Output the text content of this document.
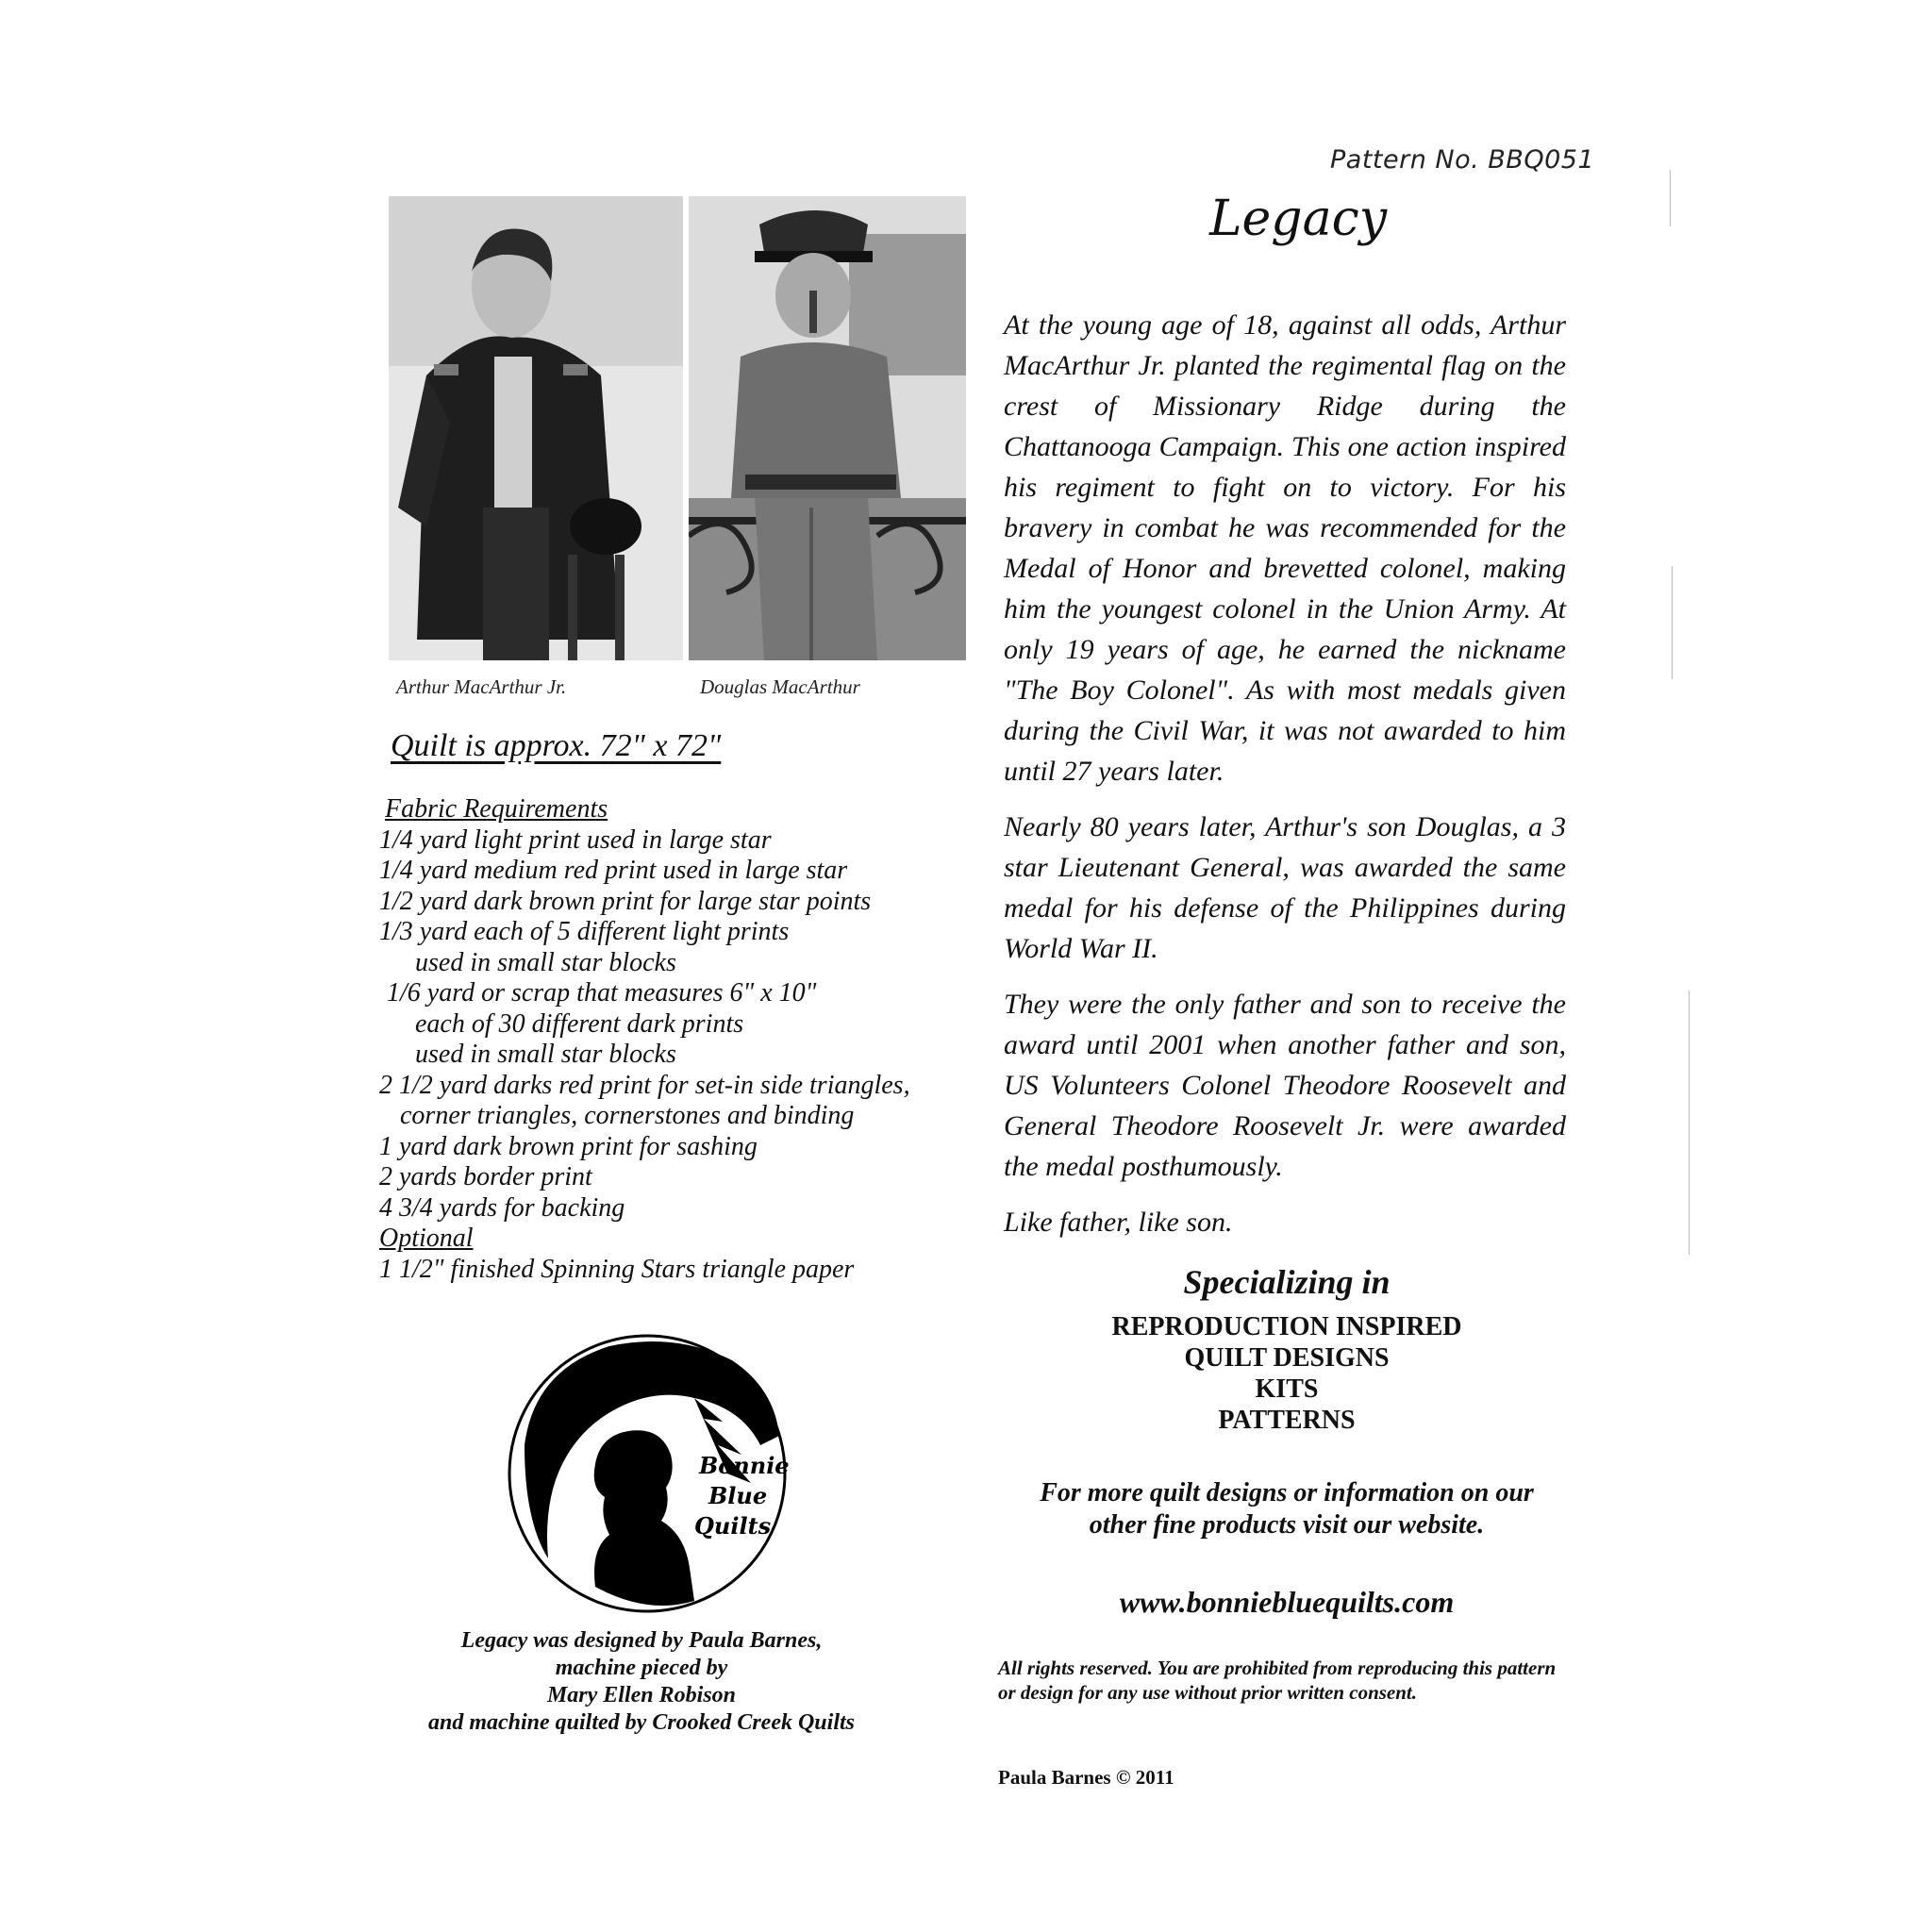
Pattern No. BBQ051
Legacy
Arthur MacArthur Jr.	Douglas MacArthur
Quilt is approx. 72" x 72"
Fabric Requirements
1/4 yard light print used in large star
1/4 yard medium red print used in large star
1/2 yard dark brown print for large star points
1/3 yard each of 5 different light prints
used in small star blocks
1/6 yard or scrap that measures 6" x 10"
each of 30 different dark prints
used in small star blocks
2 1/2 yard darks red print for set-in side triangles,
corner triangles, cornerstones and binding
1 yard dark brown print for sashing
2 yards border print
4 3/4 yards for backing
Optional
1 1/2" finished Spinning Stars triangle paper
Bonnie
Blue
Quilts
Legacy was designed by Paula Barnes,
machine pieced by
Mary Ellen Robison
and machine quilted by Crooked Creek Quilts

At the young age of 18, against all odds, Arthur MacArthur Jr. planted the regimental flag on the crest of Missionary Ridge during the Chattanooga Campaign. This one action inspired his regiment to fight on to victory. For his bravery in combat he was recommended for the Medal of Honor and brevetted colonel, making him the youngest colonel in the Union Army. At only 19 years of age, he earned the nickname "The Boy Colonel". As with most medals given during the Civil War, it was not awarded to him until 27 years later.

Nearly 80 years later, Arthur's son Douglas, a 3 star Lieutenant General, was awarded the same medal for his defense of the Philippines during World War II.

They were the only father and son to receive the award until 2001 when another father and son, US Volunteers Colonel Theodore Roosevelt and General Theodore Roosevelt Jr. were awarded the medal posthumously.

Like father, like son.

Specializing in
REPRODUCTION INSPIRED
QUILT DESIGNS
KITS
PATTERNS
For more quilt designs or information on our
other fine products visit our website.
www.bonniebluequilts.com
All rights reserved. You are prohibited from reproducing this pattern or design for any use without prior written consent.
Paula Barnes © 2011
